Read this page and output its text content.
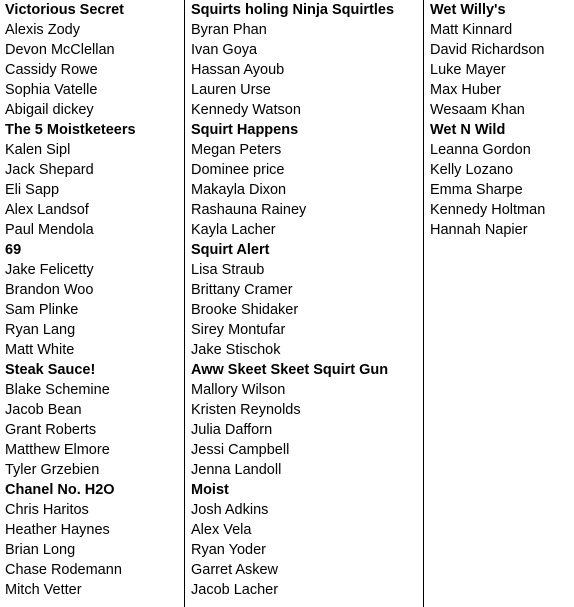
Victorious Secret
Alexis Zody
Devon McClellan
Cassidy Rowe
Sophia Vatelle
Abigail dickey
The 5 Moistketeers
Kalen Sipl
Jack Shepard
Eli Sapp
Alex Landsof
Paul Mendola
69
Jake Felicetty
Brandon Woo
Sam Plinke
Ryan Lang
Matt White
Steak Sauce!
Blake Schemine
Jacob Bean
Grant Roberts
Matthew Elmore
Tyler Grzebien
Chanel No. H2O
Chris Haritos
Heather Haynes
Brian Long
Chase Rodemann
Mitch Vetter
Squirts holing Ninja Squirtles
Byran Phan
Ivan Goya
Hassan Ayoub
Lauren Urse
Kennedy Watson
Squirt Happens
Megan Peters
Dominee price
Makayla Dixon
Rashauna Rainey
Kayla Lacher
Squirt Alert
Lisa Straub
Brittany Cramer
Brooke Shidaker
Sirey Montufar
Jake Stischok
Aww Skeet Skeet Squirt Gun
Mallory Wilson
Kristen Reynolds
Julia Dafforn
Jessi Campbell
Jenna Landoll
Moist
Josh Adkins
Alex Vela
Ryan Yoder
Garret Askew
Jacob Lacher
Wet Willy's
Matt Kinnard
David Richardson
Luke Mayer
Max Huber
Wesaam Khan
Wet N Wild
Leanna Gordon
Kelly Lozano
Emma Sharpe
Kennedy Holtman
Hannah Napier
